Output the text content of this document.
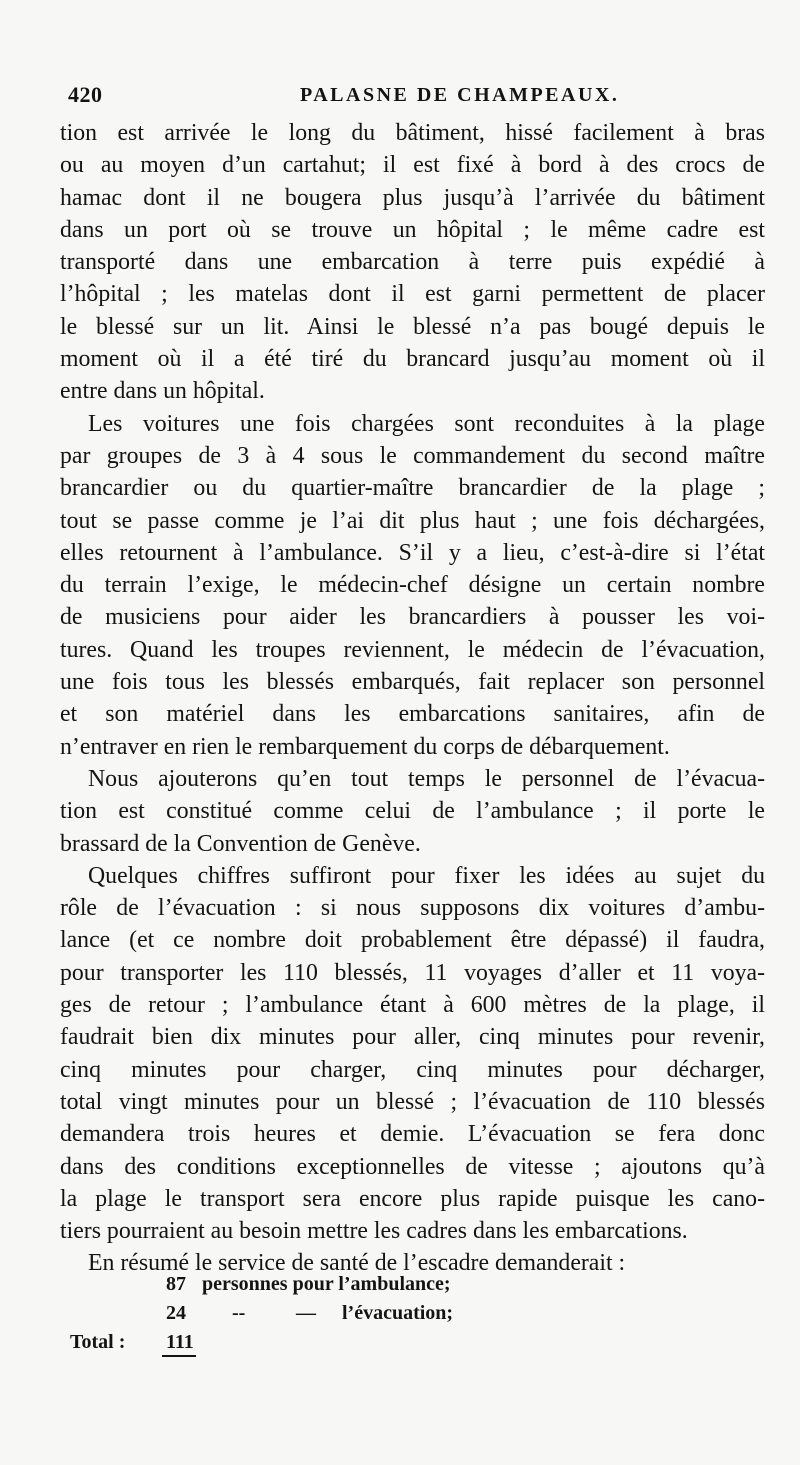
420	PALASNE DE CHAMPEAUX.
tion est arrivée le long du bâtiment, hissé facilement à bras
ou au moyen d’un cartahut; il est fixé à bord à des crocs de
hamac dont il ne bougera plus jusqu’à l’arrivée du bâtiment
dans un port où se trouve un hôpital ; le même cadre est
transporté dans une embarcation à terre puis expédié à
l’hôpital ; les matelas dont il est garni permettent de placer
le blessé sur un lit. Ainsi le blessé n’a pas bougé depuis le
moment où il a été tiré du brancard jusqu’au moment où il
entre dans un hôpital.
Les voitures une fois chargées sont reconduites à la plage
par groupes de 3 à 4 sous le commandement du second maître
brancardier ou du quartier-maître brancardier de la plage ;
tout se passe comme je l’ai dit plus haut ; une fois déchargées,
elles retournent à l’ambulance. S’il y a lieu, c’est-à-dire si l’état
du terrain l’exige, le médecin-chef désigne un certain nombre
de musiciens pour aider les brancardiers à pousser les voi-
tures. Quand les troupes reviennent, le médecin de l’évacuation,
une fois tous les blessés embarqués, fait replacer son personnel
et son matériel dans les embarcations sanitaires, afin de
n’entraver en rien le rembarquement du corps de débarquement.
Nous ajouterons qu’en tout temps le personnel de l’évacua-
tion est constitué comme celui de l’ambulance ; il porte le
brassard de la Convention de Genève.
Quelques chiffres suffiront pour fixer les idées au sujet du
rôle de l’évacuation : si nous supposons dix voitures d’ambu-
lance (et ce nombre doit probablement être dépassé) il faudra,
pour transporter les 110 blessés, 11 voyages d’aller et 11 voya-
ges de retour ; l’ambulance étant à 600 mètres de la plage, il
faudrait bien dix minutes pour aller, cinq minutes pour revenir,
cinq minutes pour charger, cinq minutes pour décharger,
total vingt minutes pour un blessé ; l’évacuation de 110 blessés
demandera trois heures et demie. L’évacuation se fera donc
dans des conditions exceptionnelles de vitesse ; ajoutons qu’à
la plage le transport sera encore plus rapide puisque les cano-
tiers pourraient au besoin mettre les cadres dans les embarcations.
En résumé le service de santé de l’escadre demanderait :
87 personnes pour l’ambulance;
24 --	— l’évacuation;
Total : 111
